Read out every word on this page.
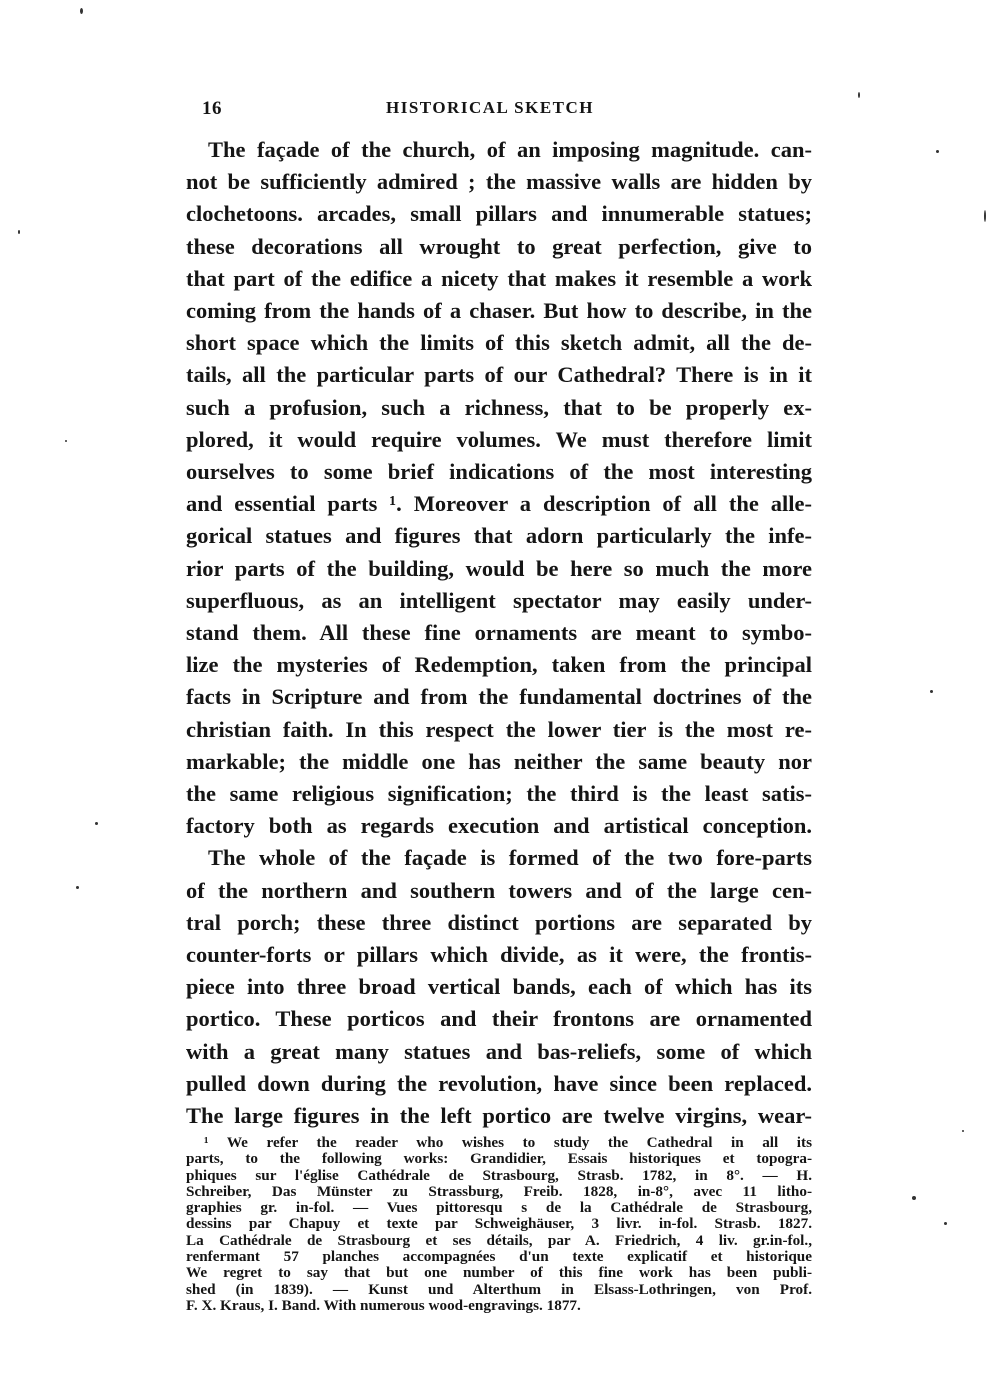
16	HISTORICAL SKETCH
The façade of the church, of an imposing magnitude. can-
not be sufficiently admired ; the massive walls are hidden by
clochetoons. arcades, small pillars and innumerable statues;
these decorations all wrought to great perfection, give to
that part of the edifice a nicety that makes it resemble a work
coming from the hands of a chaser. But how to describe, in the
short space which the limits of this sketch admit, all the de-
tails, all the particular parts of our Cathedral? There is in it
such a profusion, such a richness, that to be properly ex-
plored, it would require volumes. We must therefore limit
ourselves to some brief indications of the most interesting
and essential parts ¹. Moreover a description of all the alle-
gorical statues and figures that adorn particularly the infe-
rior parts of the building, would be here so much the more
superfluous, as an intelligent spectator may easily under-
stand them. All these fine ornaments are meant to symbo-
lize the mysteries of Redemption, taken from the principal
facts in Scripture and from the fundamental doctrines of the
christian faith. In this respect the lower tier is the most re-
markable; the middle one has neither the same beauty nor
the same religious signification; the third is the least satis-
factory both as regards execution and artistical conception.
The whole of the façade is formed of the two fore-parts
of the northern and southern towers and of the large cen-
tral porch; these three distinct portions are separated by
counter-forts or pillars which divide, as it were, the frontis-
piece into three broad vertical bands, each of which has its
portico. These porticos and their frontons are ornamented
with a great many statues and bas-reliefs, some of which
pulled down during the revolution, have since been replaced.
The large figures in the left portico are twelve virgins, wear-
¹ We refer the reader who wishes to study the Cathedral in all its
parts, to the following works: Grandidier, Essais historiques et topogra-
phiques sur l'église Cathédrale de Strasbourg, Strasb. 1782, in 8°. — H.
Schreiber, Das Münster zu Strassburg, Freib. 1828, in-8°, avec 11 litho-
graphies gr. in-fol. — Vues pittoresqu s de la Cathédrale de Strasbourg,
dessins par Chapuy et texte par Schweighäuser, 3 livr. in-fol. Strasb. 1827.
La Cathédrale de Strasbourg et ses détails, par A. Friedrich, 4 liv. gr.in-fol.,
renfermant 57 planches accompagnées d'un texte explicatif et historique
We regret to say that but one number of this fine work has been publi-
shed (in 1839). — Kunst und Alterthum in Elsass-Lothringen, von Prof.
F. X. Kraus, I. Band. With numerous wood-engravings. 1877.
